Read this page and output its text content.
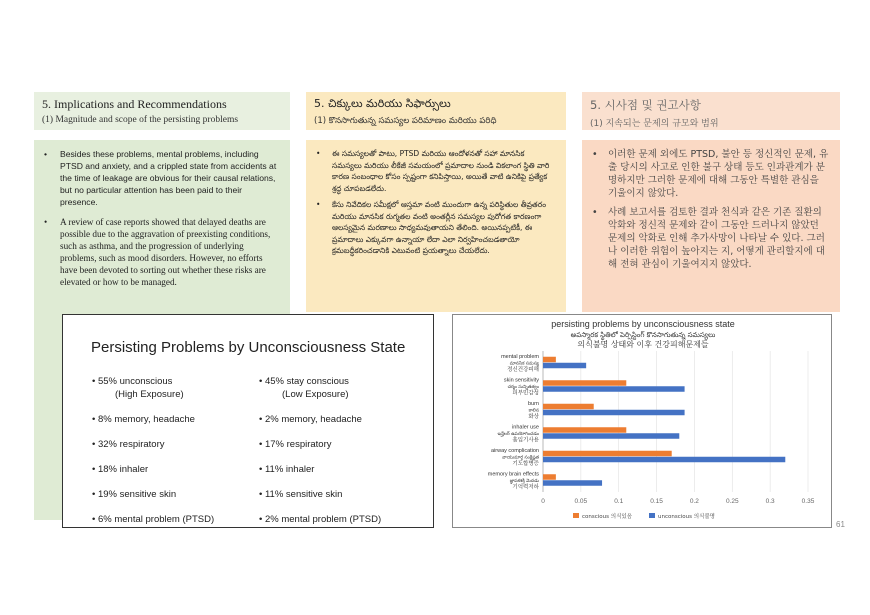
5. Implications and Recommendations
(1) Magnitude and scope of the persisting problems
5. చిక్కులు మరియు సిఫార్సులు
(1) కొనసాగుతున్న సమస్యల పరిమాణం మరియు పరిధి
5. 시사점 및 권고사항
(1) 지속되는 문제의 규모와 범위
• Besides these problems, mental problems, including PTSD and anxiety, and a crippled state from accidents at the time of leakage are obvious for their causal relations, but no particular attention has been paid to their presence.
• A review of case reports showed that delayed deaths are possible due to the aggravation of preexisting conditions, such as asthma, and the progression of underlying problems, such as mood disorders. However, no efforts have been devoted to sorting out whether these risks are elevated or how to be managed.
• ఈ సమస్యలతో పాటు, PTSD మరియు ఆందోళనతో సహా మానసిక సమస్యలు మరియు లీకేజీ సమయంలో ప్రమాదాల నుండి వికలాంగ స్థితి వారి కారణ సంబంధాల కోసం స్పష్టంగా కనిపిస్తాయి, అయితే వాటి ఉనికిపై ప్రత్యేక శ్రద్ధ చూపబడలేదు.
• కేసు నివేదికల సమీక్షలో ఆస్తమా వంటి ముందుగా ఉన్న పరిస్థితుల తీవ్రతరం మరియు మానసిక రుగ్మతల వంటి అంతర్లీన సమస్యల పురోగత కారణంగా ఆలస్యమైన మరణాలు సాధ్యమవుతాయని తేలింది. అయినప్పటికీ, ఈ ప్రమాదాలు ఎక్కువగా ఉన్నాయా లేదా ఎలా నిర్వహించబడతాయో క్రమబద్ధీకరించడానికి ఎటువంటి ప్రయత్నాలు చేయలేదు.
• 이러한 문제 외에도 PTSD, 불안 등 정신적인 문제, 유출 당시의 사고로 인한 불구 상태 등도 인과관계가 분명하지만 그러한 문제에 대해 그동안 특별한 관심을 기울이지 않았다.
• 사례 보고서를 검토한 결과 천식과 같은 기존 질환의 악화와 정신적 문제와 같이 그동안 드러나지 않았던 문제의 악화로 인해 추가사망이 나타날 수 있다. 그러나 이러한 위험이 높아지는 지, 어떻게 관리할지에 대해 전혀 관심이 기울여지지 않았다.
Persisting Problems by Unconsciousness State
• 55% unconscious
(High Exposure)
• 8% memory, headache
• 32% respiratory
• 18% inhaler
• 19% sensitive skin
• 6% mental problem (PTSD)
• 45% stay conscious
(Low Exposure)
• 2% memory, headache
• 17% respiratory
• 11% inhaler
• 11% sensitive skin
• 2% mental problem (PTSD)
persisting problems by unconsciousness state
అపస్మారక స్థితిలో పెర్సిస్టింగ్ కొనసాగుతున్న సమస్యలు
의식불명 상태와 이후 건강피해문제들
0	0.05	0.1	0.15	0.2	0.25	0.3	0.35
mental problem
మానసిక సమస్య
정신건강피해
skin sensitivity
చర్మం సున్నితత్వం
피부민감성
burn
కాలిన
화상
inhaler use
ఇన్హేలర్ ఉపయోగించడం
흡입기사용
airway complication
వాయుమార్గ సంక్లిష్టత
기도합병증
memory brain effects
జ్ఞాపకశక్తి మెదడు
기억력저하
conscious 의식있음	unconscious 의식불명
61
